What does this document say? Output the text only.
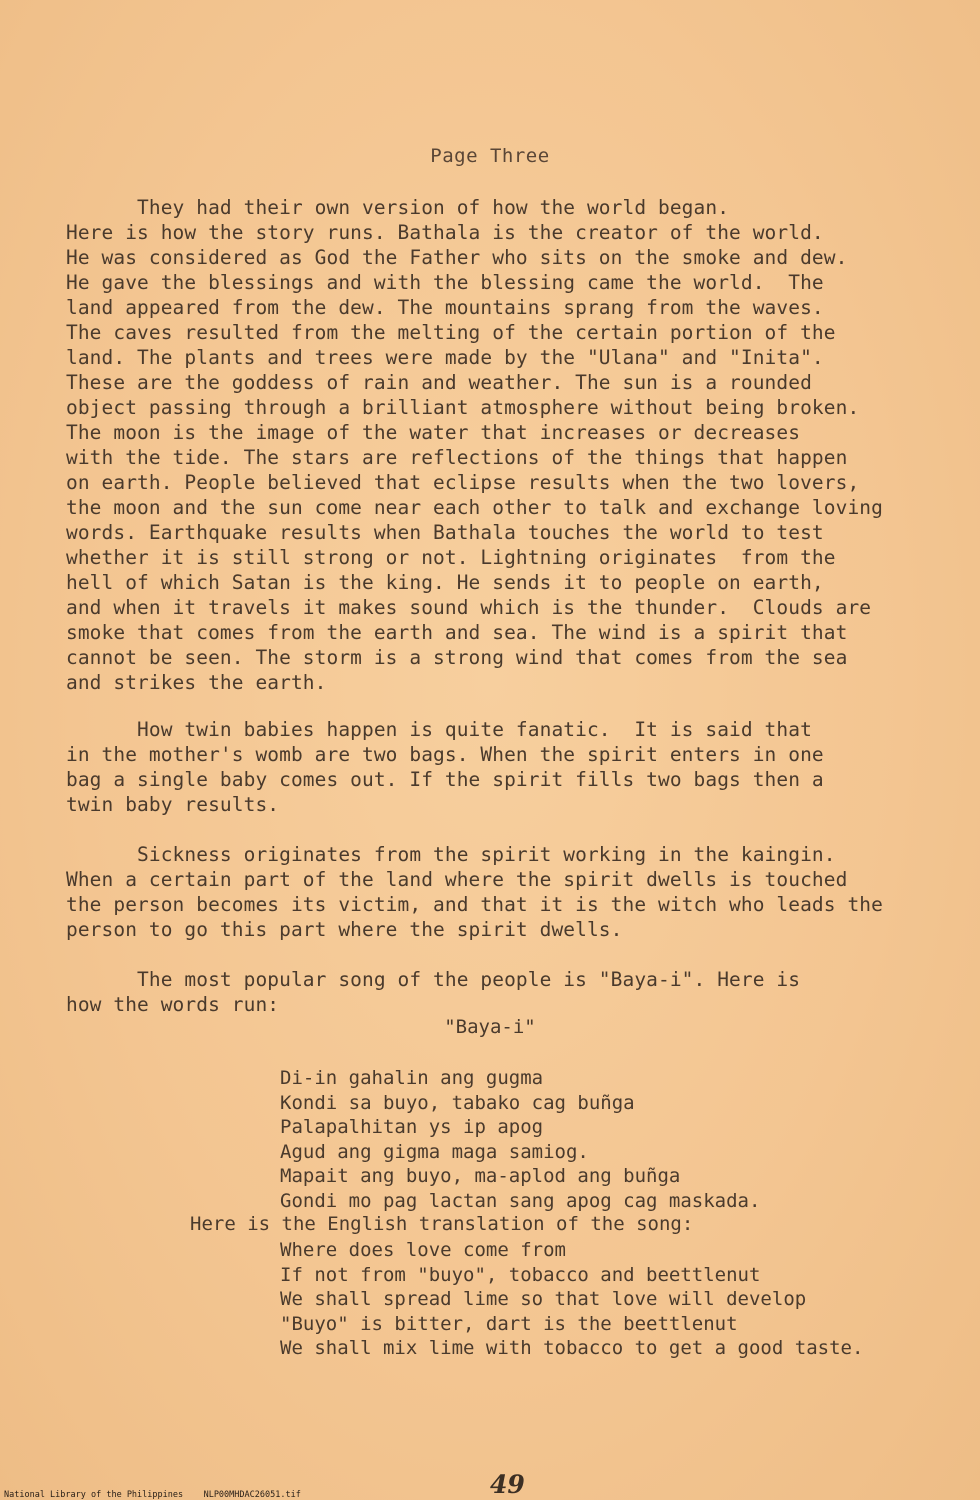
Page Three
They had their own version of how the world began.
Here is how the story runs. Bathala is the creator of the world.
He was considered as God the Father who sits on the smoke and dew.
He gave the blessings and with the blessing came the world.  The
land appeared from the dew. The mountains sprang from the waves.
The caves resulted from the melting of the certain portion of the
land. The plants and trees were made by the "Ulana" and "Inita".
These are the goddess of rain and weather. The sun is a rounded
object passing through a brilliant atmosphere without being broken.
The moon is the image of the water that increases or decreases
with the tide. The stars are reflections of the things that happen
on earth. People believed that eclipse results when the two lovers,
the moon and the sun come near each other to talk and exchange loving
words. Earthquake results when Bathala touches the world to test
whether it is still strong or not. Lightning originates  from the
hell of which Satan is the king. He sends it to people on earth,
and when it travels it makes sound which is the thunder.  Clouds are
smoke that comes from the earth and sea. The wind is a spirit that
cannot be seen. The storm is a strong wind that comes from the sea
and strikes the earth.
How twin babies happen is quite fanatic.  It is said that
in the mother's womb are two bags. When the spirit enters in one
bag a single baby comes out. If the spirit fills two bags then a
twin baby results.
Sickness originates from the spirit working in the kaingin.
When a certain part of the land where the spirit dwells is touched
the person becomes its victim, and that it is the witch who leads the
person to go this part where the spirit dwells.
The most popular song of the people is "Baya-i". Here is
how the words run:
"Baya-i"
Di-in gahalin ang gugma
Kondi sa buyo, tabako cag buñga
Palapalhitan ys ip apog
Agud ang gigma maga samiog.
Mapait ang buyo, ma-aplod ang buñga
Gondi mo pag lactan sang apog cag maskada.
Here is the English translation of the song:
Where does love come from
If not from "buyo", tobacco and beettlenut
We shall spread lime so that love will develop
"Buyo" is bitter, dart is the beettlenut
We shall mix lime with tobacco to get a good taste.
49
National Library of the Philippines    NLP00MHDAC26051.tif
